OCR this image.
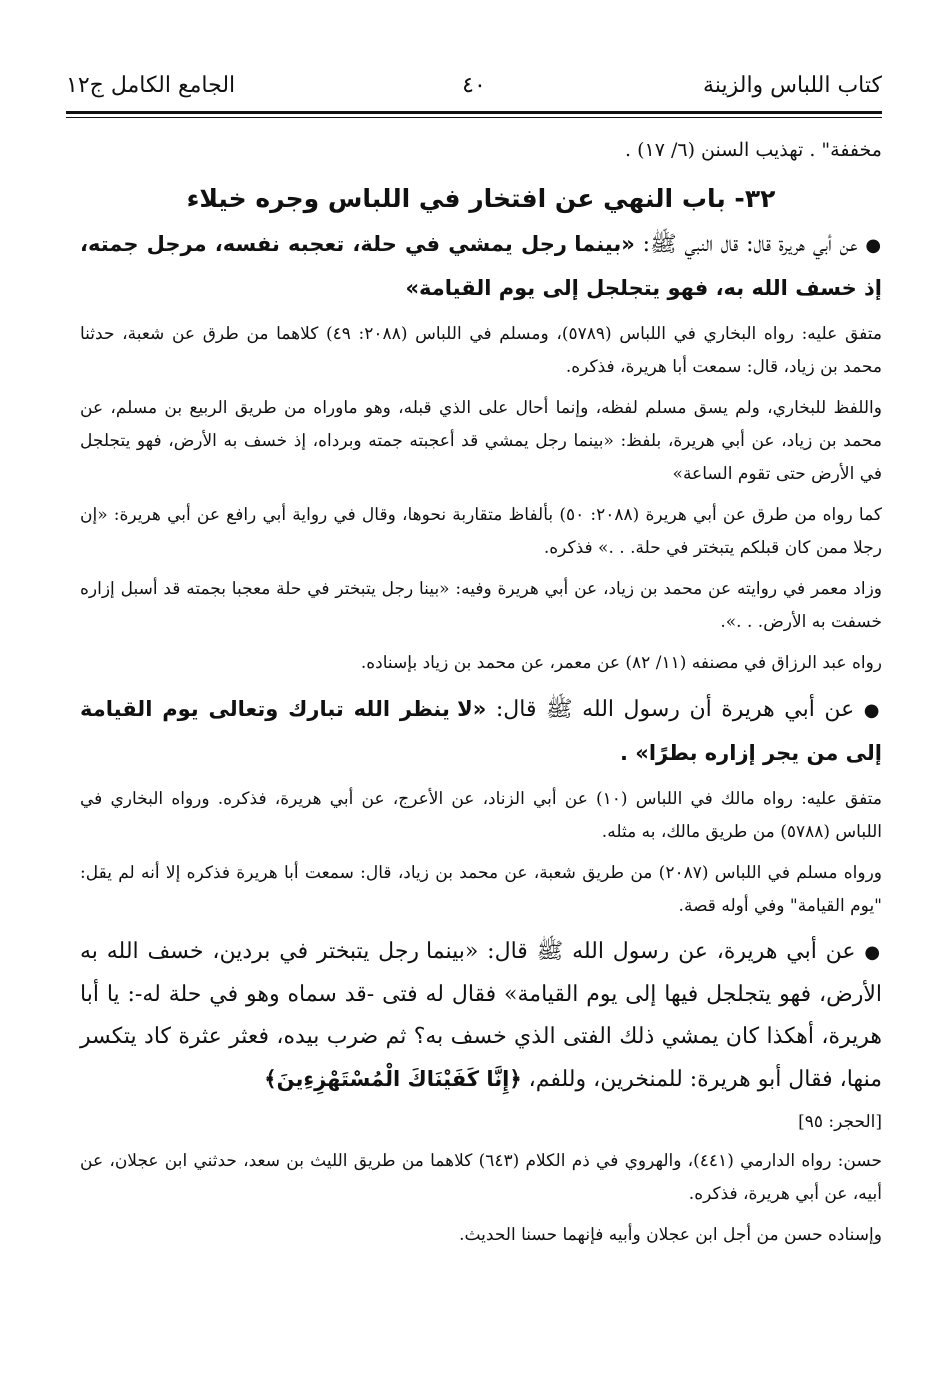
كتاب اللباس والزينة
٤٠
الجامع الكامل ج١٢

مخففة" . تهذيب السنن (٦/ ١٧) .

٣٢- باب النهي عن افتخار في اللباس وجره خيلاء

● عن أبي هريرة قال: قال النبي ﷺ: «بينما رجل يمشي في حلة، تعجبه نفسه، مرجل جمته، إذ خسف الله به، فهو يتجلجل إلى يوم القيامة»

متفق عليه: رواه البخاري في اللباس (٥٧٨٩)، ومسلم في اللباس (٢٠٨٨: ٤٩) كلاهما من طرق عن شعبة، حدثنا محمد بن زياد، قال: سمعت أبا هريرة، فذكره.

واللفظ للبخاري، ولم يسق مسلم لفظه، وإنما أحال على الذي قبله، وهو ماوراه من طريق الربيع بن مسلم، عن محمد بن زياد، عن أبي هريرة، بلفظ: «بينما رجل يمشي قد أعجبته جمته وبرداه، إذ خسف به الأرض، فهو يتجلجل في الأرض حتى تقوم الساعة»

كما رواه من طرق عن أبي هريرة (٢٠٨٨: ٥٠) بألفاظ متقاربة نحوها، وقال في رواية أبي رافع عن أبي هريرة: «إن رجلا ممن كان قبلكم يتبختر في حلة. . .» فذكره.

وزاد معمر في روايته عن محمد بن زياد، عن أبي هريرة وفيه: «بينا رجل يتبختر في حلة معجبا بجمته قد أسبل إزاره خسفت به الأرض. . .».

رواه عبد الرزاق في مصنفه (١١/ ٨٢) عن معمر، عن محمد بن زياد بإسناده.

● عن أبي هريرة أن رسول الله ﷺ قال: «لا ينظر الله تبارك وتعالى يوم القيامة إلى من يجر إزاره بطرًا» .

متفق عليه: رواه مالك في اللباس (١٠) عن أبي الزناد، عن الأعرج، عن أبي هريرة، فذكره. ورواه البخاري في اللباس (٥٧٨٨) من طريق مالك، به مثله.

ورواه مسلم في اللباس (٢٠٨٧) من طريق شعبة، عن محمد بن زياد، قال: سمعت أبا هريرة فذكره إلا أنه لم يقل: "يوم القيامة" وفي أوله قصة.

● عن أبي هريرة، عن رسول الله ﷺ قال: «بينما رجل يتبختر في بردين، خسف الله به الأرض، فهو يتجلجل فيها إلى يوم القيامة» فقال له فتى -قد سماه وهو في حلة له-: يا أبا هريرة، أهكذا كان يمشي ذلك الفتى الذي خسف به؟ ثم ضرب بيده، فعثر عثرة كاد يتكسر منها، فقال أبو هريرة: للمنخرين، وللفم، ﴿إِنَّا كَفَيْنَاكَ الْمُسْتَهْزِءِينَ﴾

[الحجر: ٩٥]

حسن: رواه الدارمي (٤٤١)، والهروي في ذم الكلام (٦٤٣) كلاهما من طريق الليث بن سعد، حدثني ابن عجلان، عن أبيه، عن أبي هريرة، فذكره.

وإسناده حسن من أجل ابن عجلان وأبيه فإنهما حسنا الحديث.
